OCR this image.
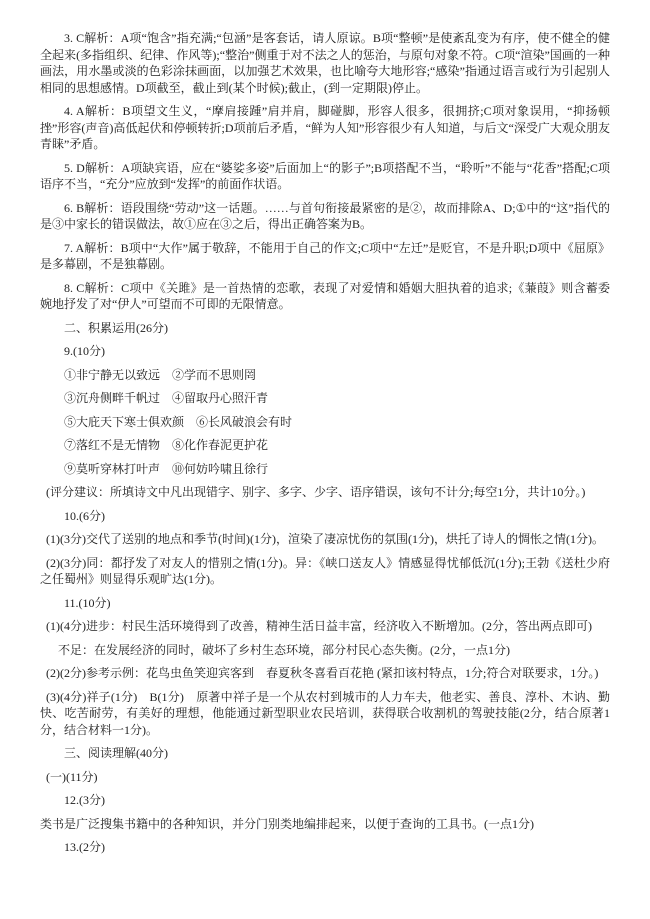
3. C解析：A项“饱含”指充满;“包涵”是客套话，请人原谅。B项“整顿”是使紊乱变为有序，使不健全的健全起来(多指组织、纪律、作风等);“整治”侧重于对不法之人的惩治，与原句对象不符。C项“渲染”国画的一种画法，用水墨或淡的色彩涂抹画面，以加强艺术效果，也比喻夸大地形容;“感染”指通过语言或行为引起别人相同的思想感情。D项截至，截止到(某个时候);截止，(到一定期限)停止。

4. A解析：B项望文生义，“摩肩接踵”肩并肩，脚碰脚，形容人很多，很拥挤;C项对象误用，“抑扬顿挫”形容(声音)高低起伏和停顿转折;D项前后矛盾，“鲜为人知”形容很少有人知道，与后文“深受广大观众朋友青睐”矛盾。

5. D解析：A项缺宾语，应在“婆娑多姿”后面加上“的影子”;B项搭配不当，“聆听”不能与“花香”搭配;C项语序不当，“充分”应放到“发挥”的前面作状语。

6. B解析：语段围绕“劳动”这一话题。……与首句衔接最紧密的是②，故而排除A、D;①中的“这”指代的是③中家长的错误做法，故①应在③之后，得出正确答案为B。

7. A解析：B项中“大作”属于敬辞，不能用于自己的作文;C项中“左迁”是贬官，不是升职;D项中《屈原》是多幕剧，不是独幕剧。

8. C解析：C项中《关雎》是一首热情的恋歌，表现了对爱情和婚姻大胆执着的追求;《蒹葭》则含蓄委婉地抒发了对“伊人”可望而不可即的无限情意。

二、积累运用(26分)

9.(10分)

①非宁静无以致远　②学而不思则罔

③沉舟侧畔千帆过　④留取丹心照汗青

⑤大庇天下寒士俱欢颜　⑥长风破浪会有时

⑦落红不是无情物　⑧化作春泥更护花

⑨莫听穿林打叶声　⑩何妨吟啸且徐行

(评分建议：所填诗文中凡出现错字、别字、多字、少字、语序错误，该句不计分;每空1分，共计10分。)

10.(6分)

(1)(3分)交代了送别的地点和季节(时间)(1分)，渲染了凄凉忧伤的氛围(1分)，烘托了诗人的惆怅之情(1分)。

(2)(3分)同：都抒发了对友人的惜别之情(1分)。异：《峡口送友人》情感显得忧郁低沉(1分);王勃《送杜少府之任蜀州》则显得乐观旷达(1分)。

11.(10分)

(1)(4分)进步：村民生活环境得到了改善，精神生活日益丰富，经济收入不断增加。(2分，答出两点即可)

不足：在发展经济的同时，破坏了乡村生态环境，部分村民心态失衡。(2分，一点1分)

(2)(2分)参考示例：花鸟虫鱼笑迎宾客到　春夏秋冬喜看百花艳 (紧扣该村特点，1分;符合对联要求，1分。)

(3)(4分)祥子(1分)　B(1分)　原著中祥子是一个从农村到城市的人力车夫，他老实、善良、淳朴、木讷、勤快、吃苦耐劳，有美好的理想，他能通过新型职业农民培训，获得联合收割机的驾驶技能(2分，结合原著1分，结合材料一1分)。

三、阅读理解(40分)

(一)(11分)

12.(3分)

类书是广泛搜集书籍中的各种知识，并分门别类地编排起来，以便于查询的工具书。(一点1分)

13.(2分)
